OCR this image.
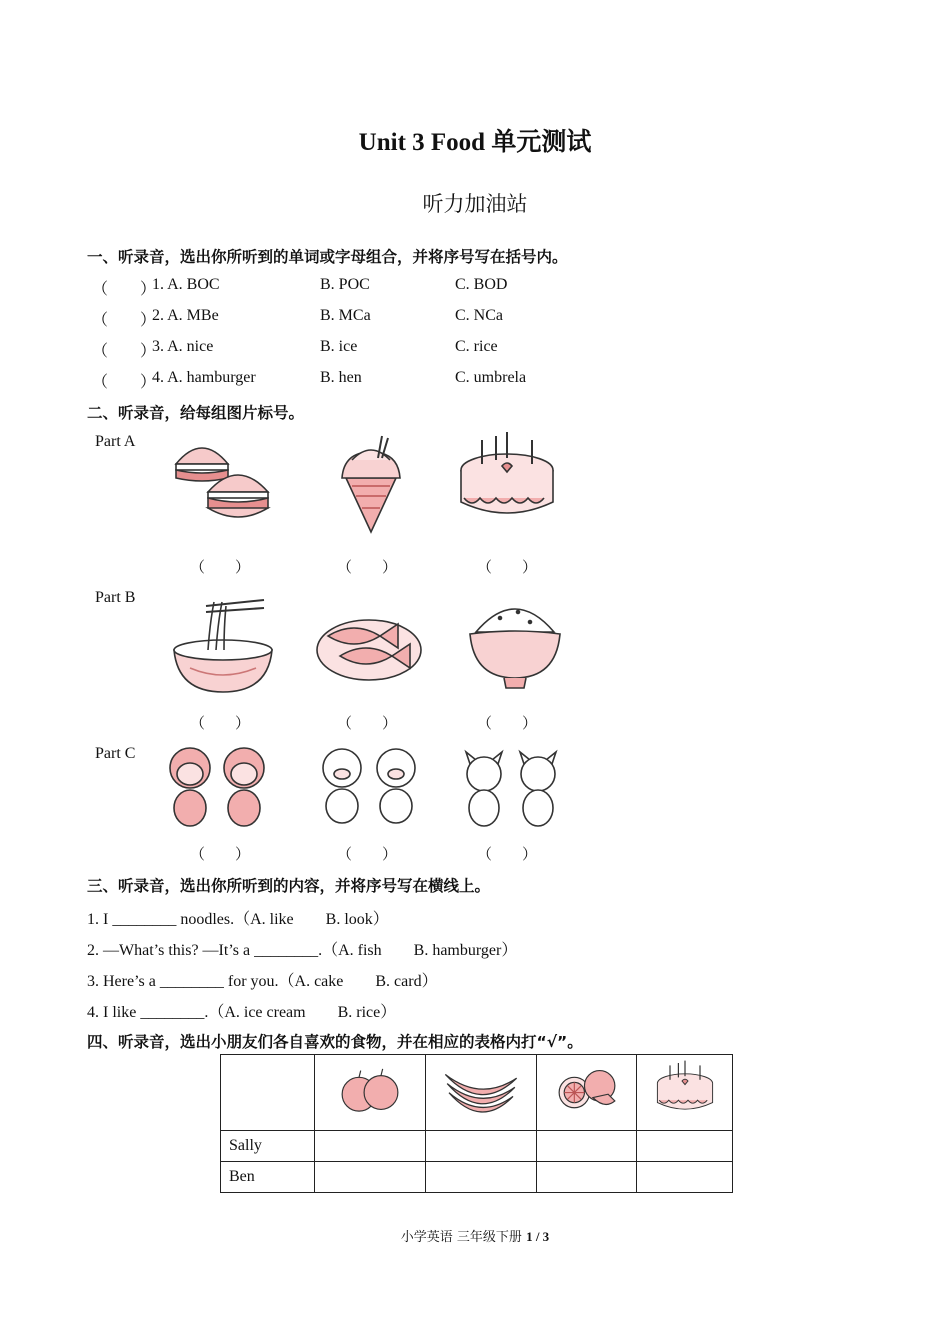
Unit 3 Food 单元测试
听力加油站
一、听录音，选出你所听到的单词或字母组合，并将序号写在括号内。
（　　）
1. A. BOC	B. POC	C. BOD
（　　）
2. A. MBe	B. MCa	C. NCa
（　　）
3. A. nice	B. ice	C. rice
（　　）
4. A. hamburger	B. hen	C. umbrela
二、听录音，给每组图片标号。
Part A
（　　）	（　　）	（　　）
Part B
（　　）	（　　）	（　　）
Part C
（　　）	（　　）	（　　）
三、听录音，选出你所听到的内容，并将序号写在横线上。
1. I ________ noodles.（A. like　　B. look）
2. —What’s this? —It’s a ________.（A. fish　　B. hamburger）
3. Here’s a ________ for you.（A. cake　　B. card）
4. I like ________.（A. ice cream　　B. rice）
四、听录音，选出小朋友们各自喜欢的食物，并在相应的表格内打“√”。

Sally				
Ben				
小学英语 三年级下册 1 / 3
